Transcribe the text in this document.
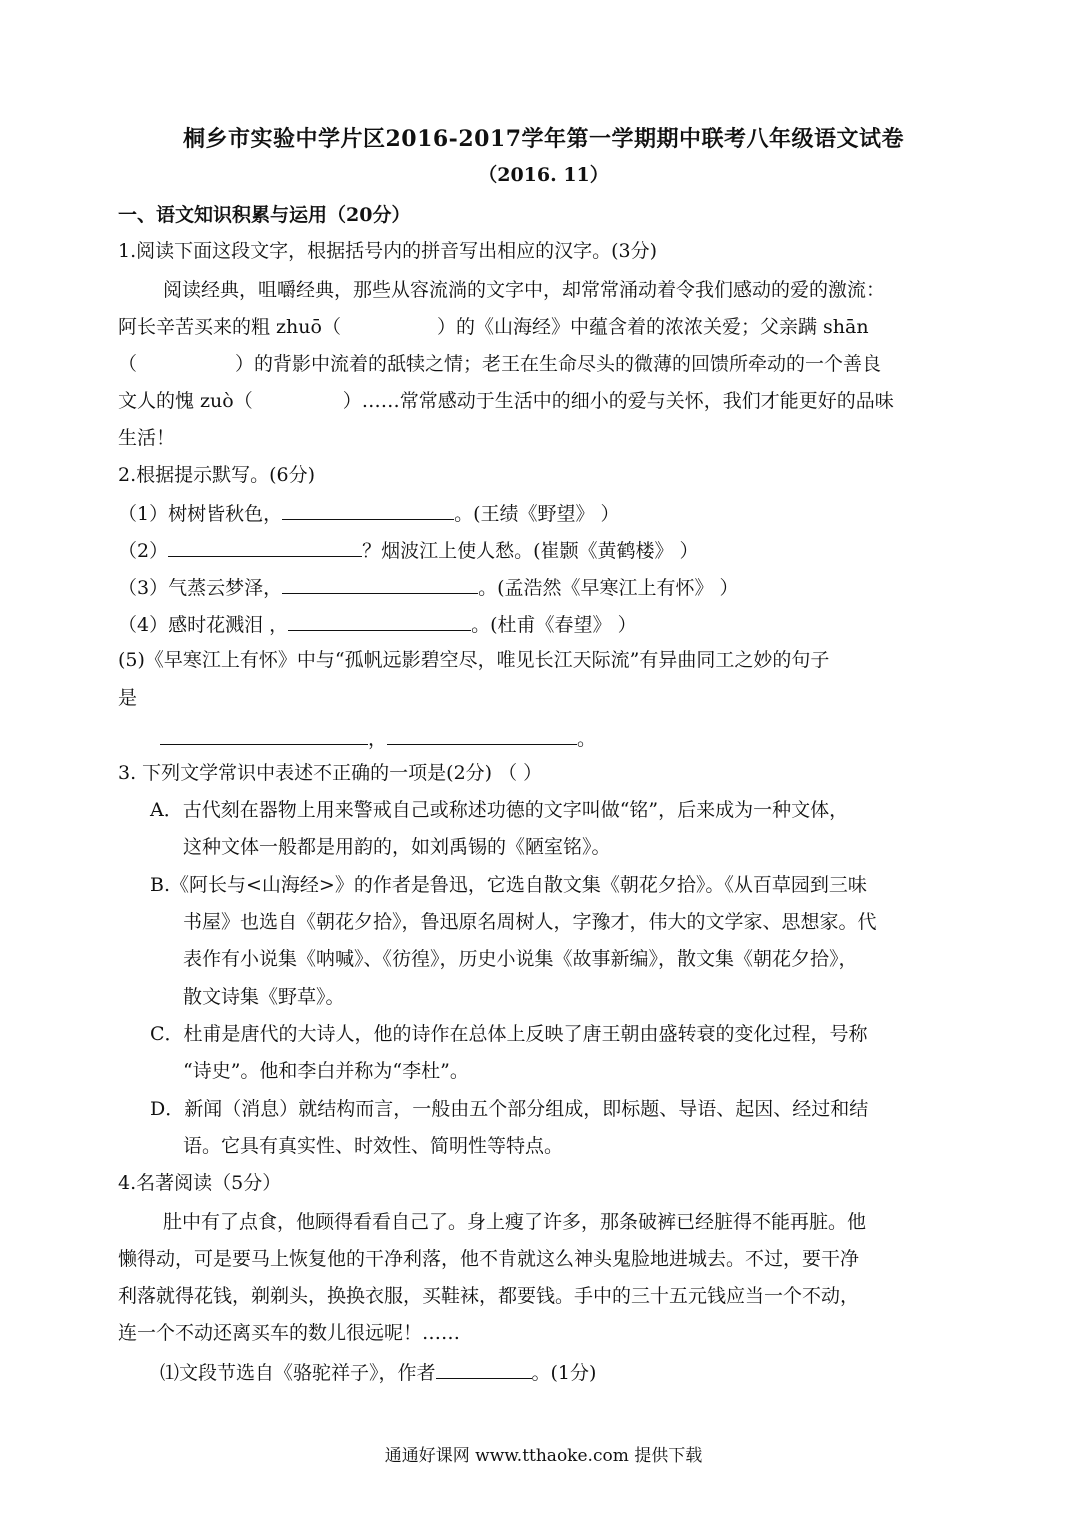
桐乡市实验中学片区2016-2017学年第一学期期中联考八年级语文试卷
（2016. 11）
一、语文知识积累与运用（20分）
1.阅读下面这段文字，根据括号内的拼音写出相应的汉字。(3分)
阅读经典，咀嚼经典，那些从容流淌的文字中，却常常涌动着令我们感动的爱的激流：
阿长辛苦买来的粗 zhuō（	）的《山海经》中蕴含着的浓浓关爱；父亲蹒 shān
（	）的背影中流着的舐犊之情；老王在生命尽头的微薄的回馈所牵动的一个善良
文人的愧 zuò（	）……常常感动于生活中的细小的爱与关怀，我们才能更好的品味
生活！
2.根据提示默写。(6分)
（1）树树皆秋色，	。(王绩《野望》 ）
（2）	？烟波江上使人愁。(崔颢《黄鹤楼》 ）
（3）气蒸云梦泽，	。(孟浩然《早寒江上有怀》 ）
（4）感时花溅泪 ，	。(杜甫《春望》 ）
(5)《早寒江上有怀》中与“孤帆远影碧空尽，唯见长江天际流”有异曲同工之妙的句子
是
，	。
3. 下列文学常识中表述不正确的一项是(2分) （ ）
A．古代刻在器物上用来警戒自己或称述功德的文字叫做“铭”，后来成为一种文体，
这种文体一般都是用韵的，如刘禹锡的《陋室铭》。
B.《阿长与<山海经>》的作者是鲁迅，它选自散文集《朝花夕拾》。《从百草园到三味
书屋》也选自《朝花夕拾》，鲁迅原名周树人，字豫才，伟大的文学家、思想家。代
表作有小说集《呐喊》、《彷徨》，历史小说集《故事新编》，散文集《朝花夕拾》，
散文诗集《野草》。
C．杜甫是唐代的大诗人，他的诗作在总体上反映了唐王朝由盛转衰的变化过程，号称
“诗史”。他和李白并称为“李杜”。
D．新闻（消息）就结构而言，一般由五个部分组成，即标题、导语、起因、经过和结
语。它具有真实性、时效性、简明性等特点。
4.名著阅读（5分）
肚中有了点食，他顾得看看自己了。身上瘦了许多，那条破裤已经脏得不能再脏。他
懒得动，可是要马上恢复他的干净利落，他不肯就这么神头鬼脸地进城去。不过，要干净
利落就得花钱，剃剃头，换换衣服，买鞋袜，都要钱。手中的三十五元钱应当一个不动，
连一个不动还离买车的数儿很远呢！……
⑴文段节选自《骆驼祥子》，作者	。(1分)
通通好课网 www.tthaoke.com 提供下载
